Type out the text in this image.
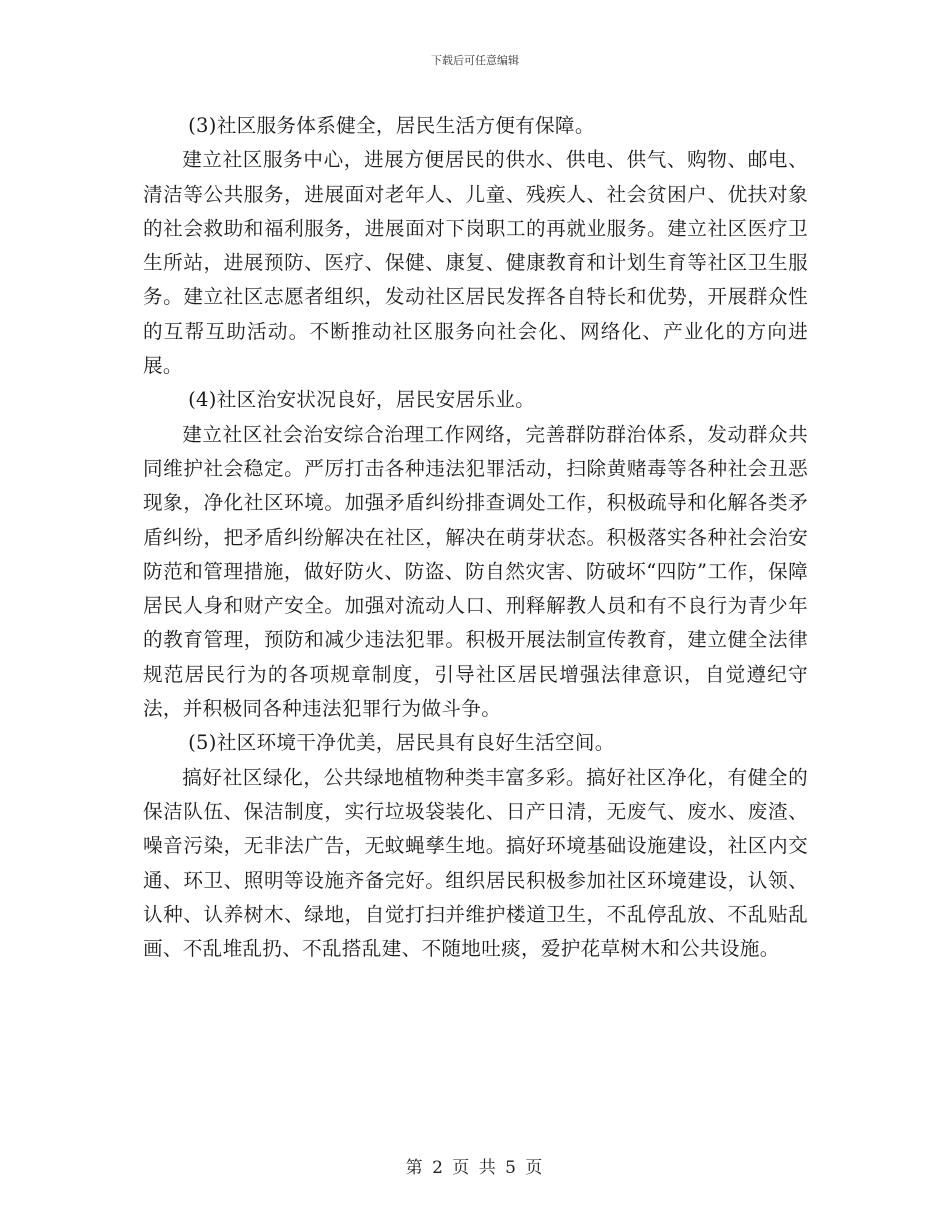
下载后可任意编辑

(3)社区服务体系健全，居民生活方便有保障。

建立社区服务中心，进展方便居民的供水、供电、供气、购物、邮电、清洁等公共服务，进展面对老年人、儿童、残疾人、社会贫困户、优扶对象的社会救助和福利服务，进展面对下岗职工的再就业服务。建立社区医疗卫生所站，进展预防、医疗、保健、康复、健康教育和计划生育等社区卫生服务。建立社区志愿者组织，发动社区居民发挥各自特长和优势，开展群众性的互帮互助活动。不断推动社区服务向社会化、网络化、产业化的方向进展。

(4)社区治安状况良好，居民安居乐业。

建立社区社会治安综合治理工作网络，完善群防群治体系，发动群众共同维护社会稳定。严厉打击各种违法犯罪活动，扫除黄赌毒等各种社会丑恶现象，净化社区环境。加强矛盾纠纷排查调处工作，积极疏导和化解各类矛盾纠纷，把矛盾纠纷解决在社区，解决在萌芽状态。积极落实各种社会治安防范和管理措施，做好防火、防盗、防自然灾害、防破坏“四防”工作，保障居民人身和财产安全。加强对流动人口、刑释解教人员和有不良行为青少年的教育管理，预防和减少违法犯罪。积极开展法制宣传教育，建立健全法律规范居民行为的各项规章制度，引导社区居民增强法律意识，自觉遵纪守法，并积极同各种违法犯罪行为做斗争。

(5)社区环境干净优美，居民具有良好生活空间。

搞好社区绿化，公共绿地植物种类丰富多彩。搞好社区净化，有健全的保洁队伍、保洁制度，实行垃圾袋装化、日产日清，无废气、废水、废渣、噪音污染，无非法广告，无蚊蝇孳生地。搞好环境基础设施建设，社区内交通、环卫、照明等设施齐备完好。组织居民积极参加社区环境建设，认领、认种、认养树木、绿地，自觉打扫并维护楼道卫生，不乱停乱放、不乱贴乱画、不乱堆乱扔、不乱搭乱建、不随地吐痰，爱护花草树木和公共设施。

第 2 页 共 5 页
